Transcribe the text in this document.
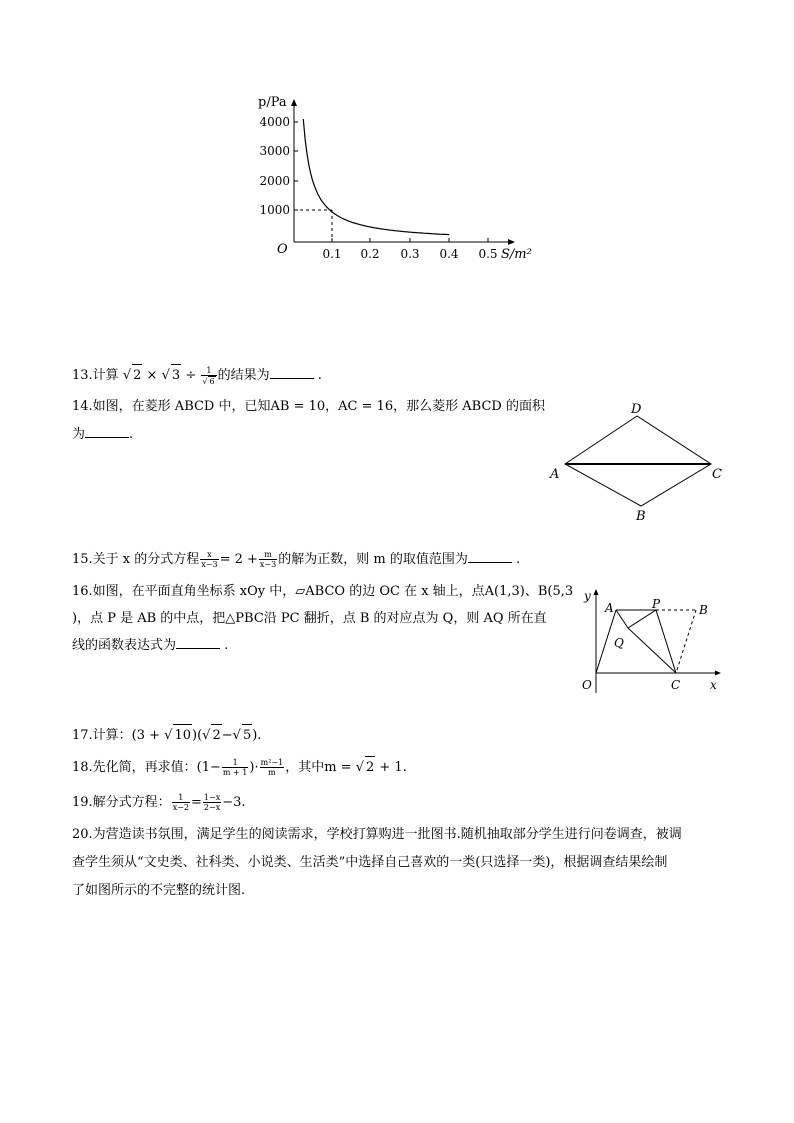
p/Pa
S/m²
O
4000
3000
2000
1000
0.1 0.2 0.3 0.4 0.5
13.计算 √ 2 × √ $3 \div \frac{1}{√ 6}$ 的结果为	.
14.如图，在菱形 ABCD 中，已知AB = 10，AC = 16，那么菱形 ABCD 的面积
为	.
A
D
C
B
15.关于 x 的分式方程 $\frac{x}{x-3} = 2 + \frac{m}{x-3}$ 的解为正数，则 m 的取值范围为	.
16.如图，在平面直角坐标系 xOy 中，▱ABCO 的边 OC 在 x 轴上，点A(1,3)、B(5,3
)，点 P 是 AB 的中点，把△PBC沿 PC 翻折，点 B 的对应点为 Q，则 AQ 所在直
线的函数表达式为	.
y
x
O
A	P	B
Q
C
17.计算：(3 + √ 10)(√ 2−√ 5).
18.先化简，再求值：($1- \frac{1}{m + 1}$ )· $\frac{\text{m²−1}}{m}$ ，其中m = √ 2 + 1.
19.解分式方程： $\frac{1}{x-2} = \frac{1-x}{2-x} -3$.
20.为营造读书氛围，满足学生的阅读需求，学校打算购进一批图书.随机抽取部分学生进行问卷调查，被调
查学生须从“文史类、社科类、小说类、生活类”中选择自己喜欢的一类(只选择一类)，根据调查结果绘制
了如图所示的不完整的统计图.
